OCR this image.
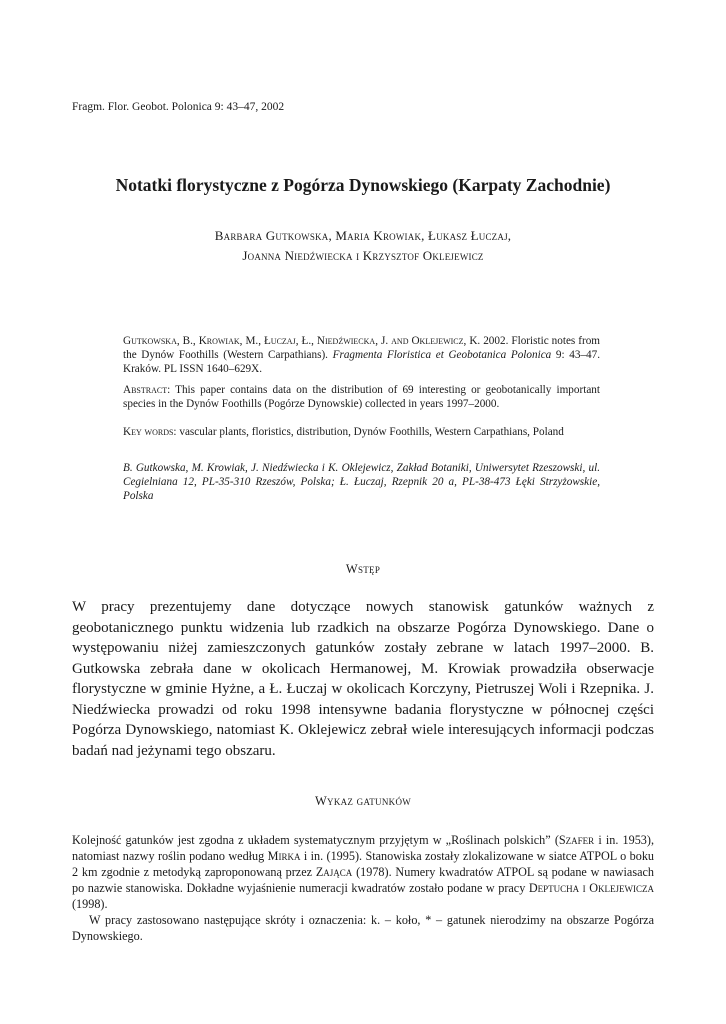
Fragm. Flor. Geobot. Polonica 9: 43–47, 2002
Notatki florystyczne z Pogórza Dynowskiego (Karpaty Zachodnie)
Barbara Gutkowska, Maria Krowiak, Łukasz Łuczaj,
Joanna Niedźwiecka i Krzysztof Oklejewicz
Gutkowska, B., Krowiak, M., Łuczaj, Ł., Niedźwiecka, J. and Oklejewicz, K. 2002. Floristic notes from the Dynów Foothills (Western Carpathians). Fragmenta Floristica et Geobotanica Polonica 9: 43–47. Kraków. PL ISSN 1640–629X.
Abstract: This paper contains data on the distribution of 69 interesting or geobotanically important species in the Dynów Foothills (Pogórze Dynowskie) collected in years 1997–2000.
Key words: vascular plants, floristics, distribution, Dynów Foothills, Western Carpathians, Poland
B. Gutkowska, M. Krowiak, J. Niedźwiecka i K. Oklejewicz, Zakład Botaniki, Uniwersytet Rzeszowski, ul. Cegielniana 12, PL-35-310 Rzeszów, Polska; Ł. Łuczaj, Rzepnik 20 a, PL-38-473 Łęki Strzyżowskie, Polska
Wstęp
W pracy prezentujemy dane dotyczące nowych stanowisk gatunków ważnych z geobotanicznego punktu widzenia lub rzadkich na obszarze Pogórza Dynowskiego. Dane o występowaniu niżej zamieszczonych gatunków zostały zebrane w latach 1997–2000. B. Gutkowska zebrała dane w okolicach Hermanowej, M. Krowiak prowadziła obserwacje florystyczne w gminie Hyżne, a Ł. Łuczaj w okolicach Korczyny, Pietruszej Woli i Rzepnika. J. Niedźwiecka prowadzi od roku 1998 intensywne badania florystyczne w północnej części Pogórza Dynowskiego, natomiast K. Oklejewicz zebrał wiele interesujących informacji podczas badań nad jeżynami tego obszaru.
Wykaz gatunków
Kolejność gatunków jest zgodna z układem systematycznym przyjętym w „Roślinach polskich” (Szafer i in. 1953), natomiast nazwy roślin podano według Mirka i in. (1995). Stanowiska zostały zlokalizowane w siatce ATPOL o boku 2 km zgodnie z metodyką zaproponowaną przez Zająca (1978). Numery kwadratów ATPOL są podane w nawiasach po nazwie stanowiska. Dokładne wyjaśnienie numeracji kwadratów zostało podane w pracy Deptucha i Oklejewicza (1998).
W pracy zastosowano następujące skróty i oznaczenia: k. – koło, * – gatunek nierodzimy na obszarze Pogórza Dynowskiego.
